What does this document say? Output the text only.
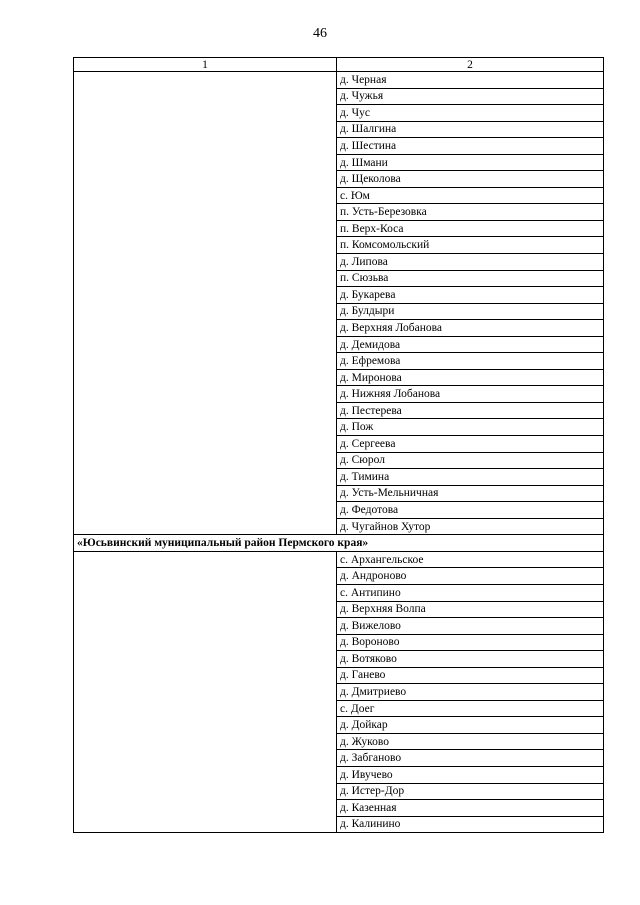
46
1	2
	д. Черная
	д. Чужья
	д. Чус
	д. Шалгина
	д. Шестина
	д. Шмани
	д. Щеколова
	с. Юм
	п. Усть-Березовка
	п. Верх-Коса
	п. Комсомольский
	д. Липова
	п. Сюзьва
	д. Букарева
	д. Булдыри
	д. Верхняя Лобанова
	д. Демидова
	д. Ефремова
	д. Миронова
	д. Нижняя Лобанова
	д. Пестерева
	д. Пож
	д. Сергеева
	д. Сюрол
	д. Тимина
	д. Усть-Мельничная
	д. Федотова
	д. Чугайнов Хутор
«Юсьвинский муниципальный район Пермского края»	
	с. Архангельское
	д. Андроново
	с. Антипино
	д. Верхняя Волпа
	д. Вижелово
	д. Вороново
	д. Вотяково
	д. Ганево
	д. Дмитриево
	с. Доег
	д. Дойкар
	д. Жуково
	д. Забганово
	д. Ивучево
	д. Истер-Дор
	д. Казенная
	д. Калинино
